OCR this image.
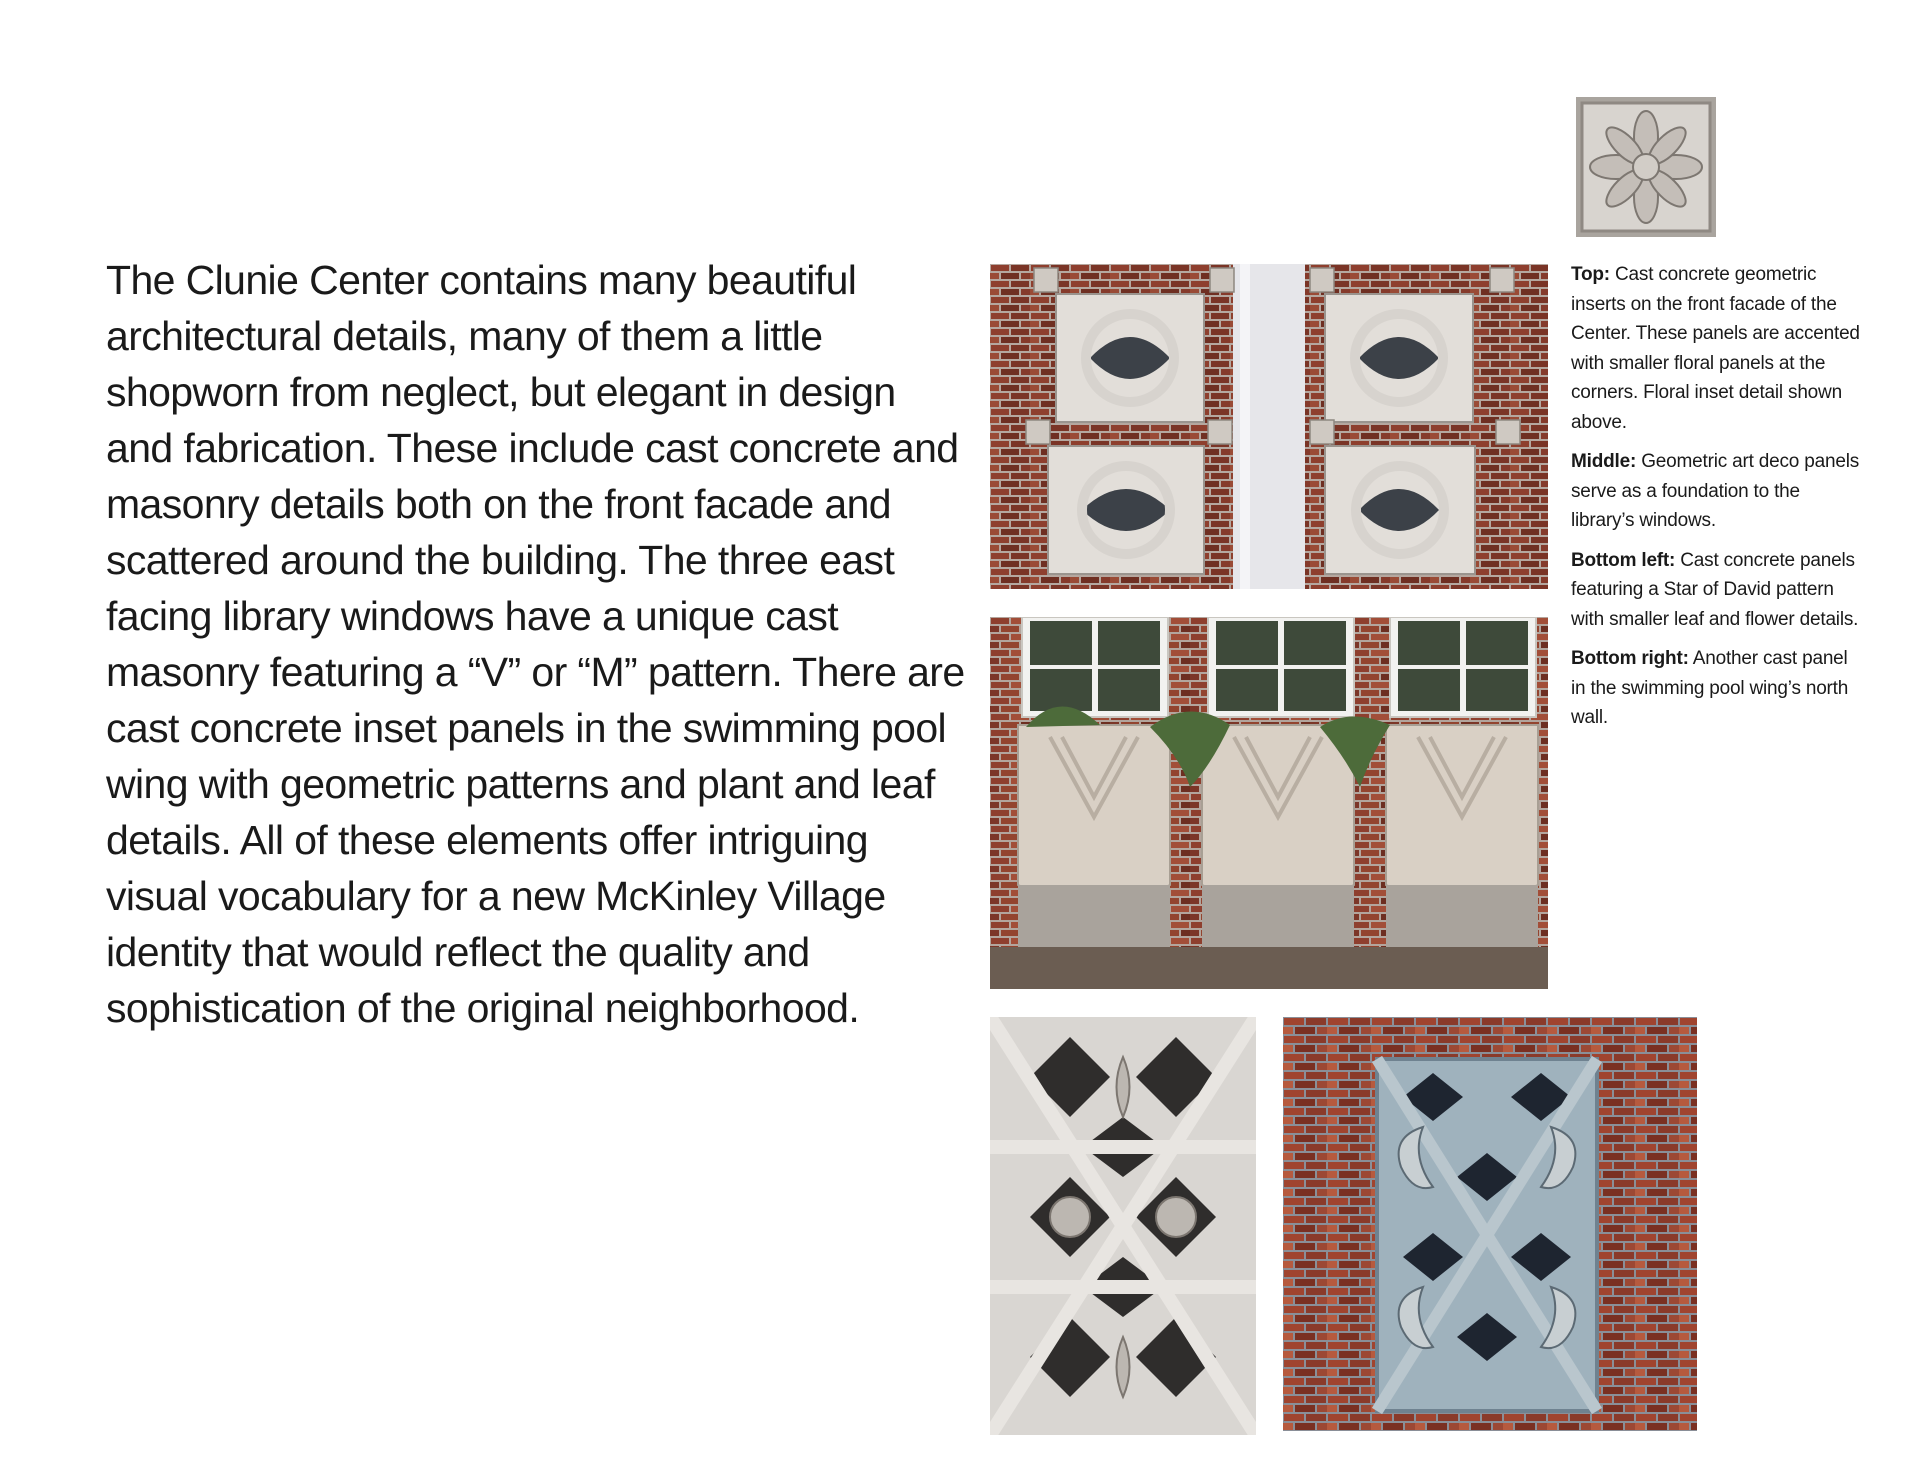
The Clunie Center contains many beautiful architectural details, many of them a little shopworn from neglect, but elegant in design and fabrication. These include cast concrete and masonry details both on the front facade and scattered around the building. The three east facing library windows have a unique cast masonry featuring a “V” or “M” pattern. There are cast concrete inset panels in the swimming pool wing with geometric patterns and plant and leaf details. All of these elements offer intriguing visual vocabulary for a new McKinley Village identity that would reflect the quality and sophistication of the original neighborhood.

Top: Cast concrete geometric inserts on the front facade of the Center. These panels are accented with smaller floral panels at the corners. Floral inset detail shown above.

Middle: Geometric art deco panels serve as a foundation to the library’s windows.

Bottom left: Cast concrete panels featuring a Star of David pattern with smaller leaf and flower details.

Bottom right: Another cast panel in the swimming pool wing’s north wall.
